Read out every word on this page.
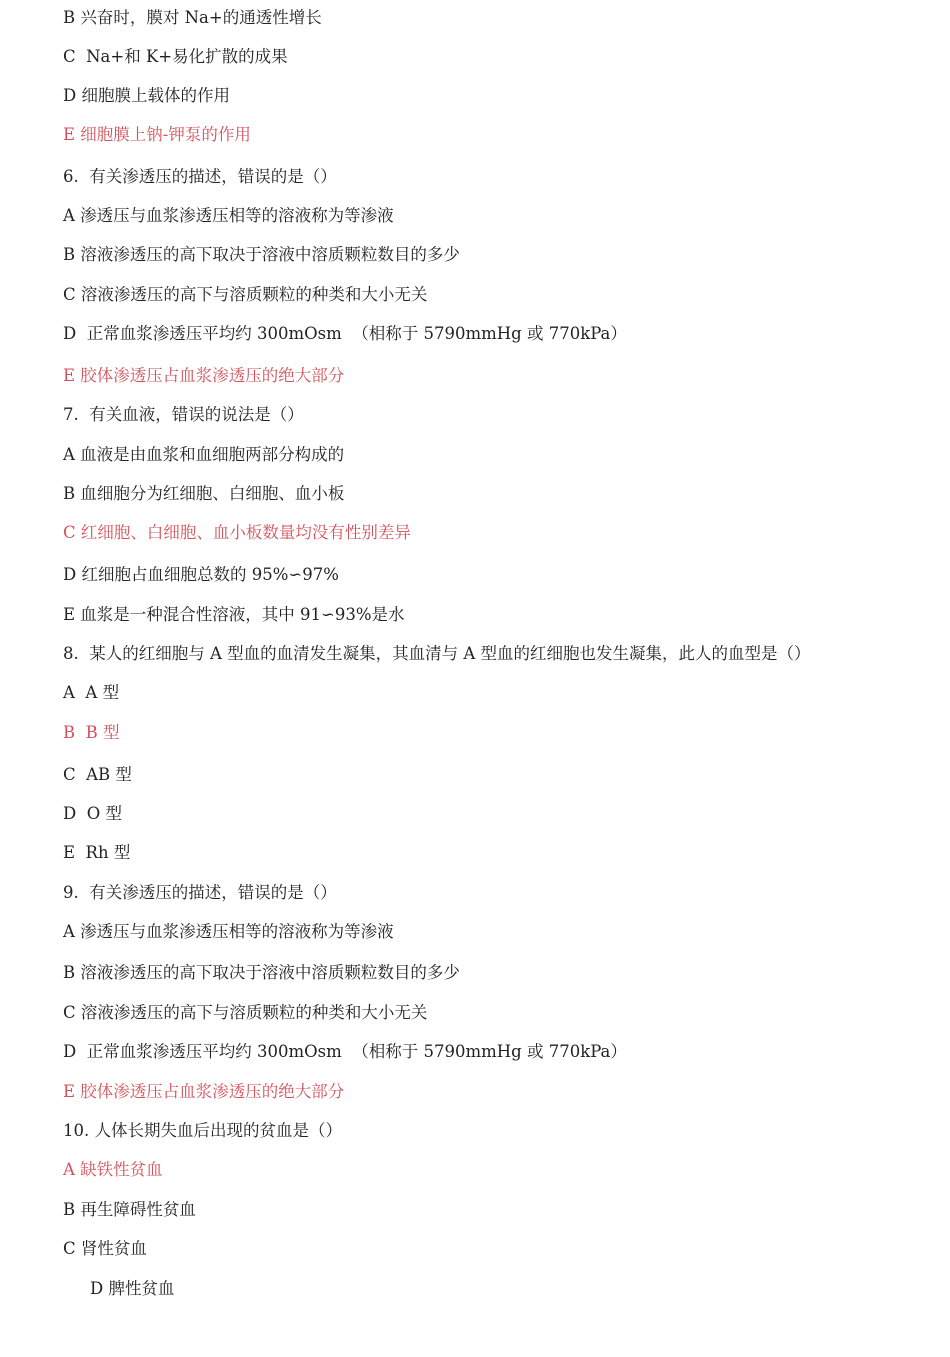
B 兴奋时，膜对 Na+的通透性增长
C  Na+和 K+易化扩散的成果
D 细胞膜上载体的作用
E 细胞膜上钠-钾泵的作用
6.  有关渗透压的描述，错误的是（）
A 渗透压与血浆渗透压相等的溶液称为等渗液
B 溶液渗透压的高下取决于溶液中溶质颗粒数目的多少
C 溶液渗透压的高下与溶质颗粒的种类和大小无关
D  正常血浆渗透压平均约 300mOsm  （相称于 5790mmHg 或 770kPa）
E 胶体渗透压占血浆渗透压的绝大部分
7.  有关血液，错误的说法是（）
A 血液是由血浆和血细胞两部分构成的
B 血细胞分为红细胞、白细胞、血小板
C 红细胞、白细胞、血小板数量均没有性别差异
D 红细胞占血细胞总数的 95%∽97%
E 血浆是一种混合性溶液，其中 91∽93%是水
8.  某人的红细胞与 A 型血的血清发生凝集，其血清与 A 型血的红细胞也发生凝集，此人的血型是（）
A  A 型
B  B 型
C  AB 型
D  O 型
E  Rh 型
9.  有关渗透压的描述，错误的是（）
A 渗透压与血浆渗透压相等的溶液称为等渗液
B 溶液渗透压的高下取决于溶液中溶质颗粒数目的多少
C 溶液渗透压的高下与溶质颗粒的种类和大小无关
D  正常血浆渗透压平均约 300mOsm  （相称于 5790mmHg 或 770kPa）
E 胶体渗透压占血浆渗透压的绝大部分
10. 人体长期失血后出现的贫血是（）
A 缺铁性贫血
B 再生障碍性贫血
C 肾性贫血
D 脾性贫血
